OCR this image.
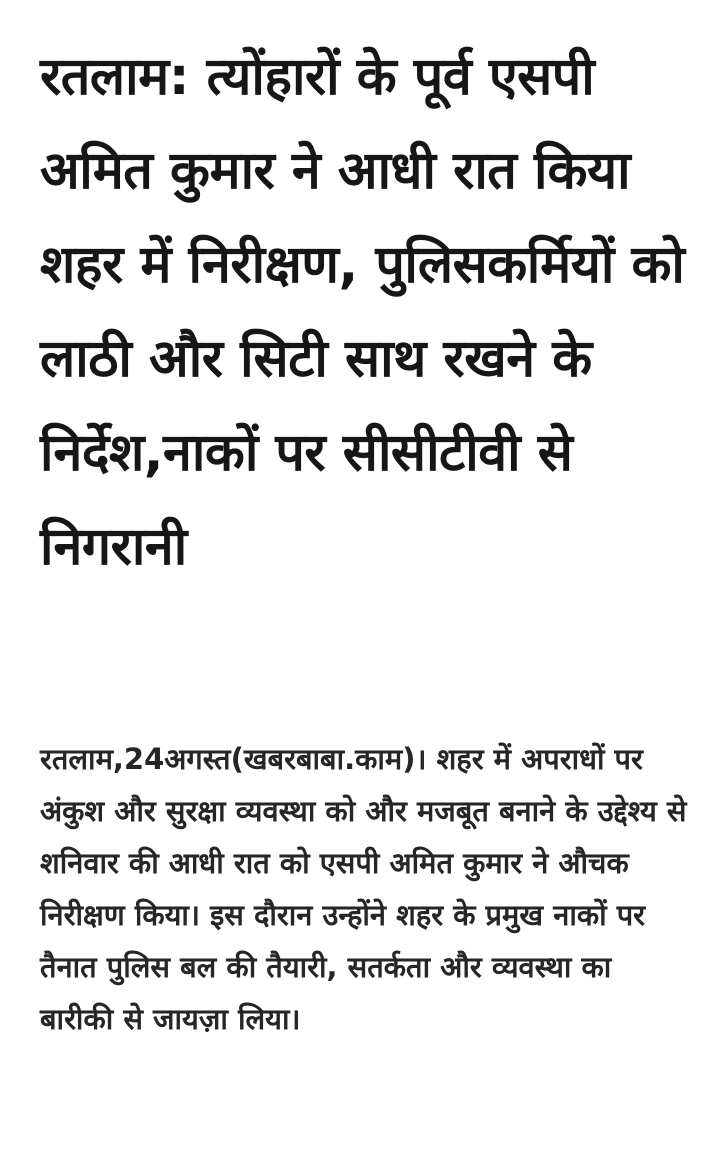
रतलाम: त्योंहारों के पूर्व एसपी अमित कुमार ने आधी रात किया शहर में निरीक्षण, पुलिसकर्मियों को लाठी और सिटी साथ रखने के निर्देश,नाकों पर सीसीटीवी से निगरानी

रतलाम,24अगस्त(खबरबाबा.काम)। शहर में अपराधों पर अंकुश और सुरक्षा व्यवस्था को और मजबूत बनाने के उद्देश्य से शनिवार की आधी रात को एसपी अमित कुमार ने औचक निरीक्षण किया। इस दौरान उन्होंने शहर के प्रमुख नाकों पर तैनात पुलिस बल की तैयारी, सतर्कता और व्यवस्था का बारीकी से जायज़ा लिया।
